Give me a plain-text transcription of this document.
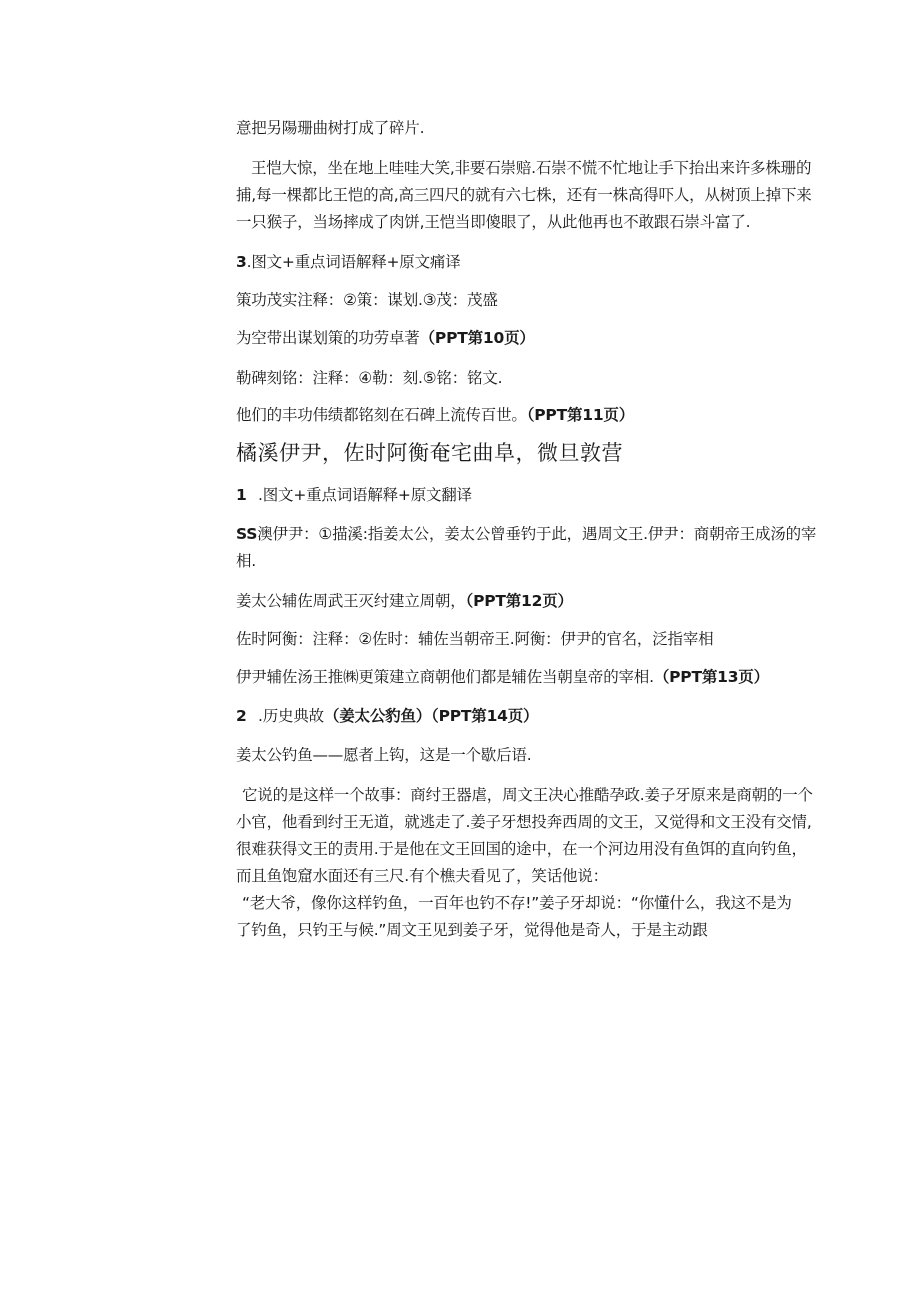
意把另陽珊曲树打成了碎片.

王恺大惊，坐在地上哇哇大笑,非要石崇赔.石崇不慌不忙地让手下抬出来许多株珊的

捕,每一棵都比王恺的高,高三四尺的就有六七株，还有一株高得吓人，从树顶上掉下来

一只猴子，当场摔成了肉饼,王恺当即傻眼了，从此他再也不敢跟石崇斗富了.

3.图文+重点词语解释+原文痛译

策功茂实注释：②策：谋划.③茂：茂盛

为空带出谋划策的功劳卓著（PPT第10页）

勒碑刻铭：注释：④勒：刻.⑤铭：铭文.

他们的丰功伟绩都铭刻在石碑上流传百世。（PPT第11页）

橘溪伊尹，佐时阿衡奄宅曲阜，微旦敦营

1 .图文+重点词语解释+原文翻译

SS澳伊尹：①描溪:指姜太公，姜太公曾垂钓于此，遇周文王.伊尹：商朝帝王成汤的宰

相.

姜太公辅佐周武王灭纣建立周朝，（PPT第12页）

佐时阿衡：注释：②佐时：辅佐当朝帝王.阿衡：伊尹的官名，泛指宰相

伊尹辅佐汤王推㈱更策建立商朝他们都是辅佐当朝皇帝的宰相.（PPT第13页）

2 .历史典故（姜太公豹鱼）（PPT第14页）

姜太公钓鱼——愿者上钩，这是一个歇后语.

它说的是这样一个故事：商纣王器虐，周文王决心推酷孕政.姜子牙原来是商朝的一个

小官，他看到纣王无道，就逃走了.姜子牙想投奔西周的文王，又觉得和文王没有交情,

很难获得文王的责用.于是他在文王回国的途中，在一个河边用没有鱼饵的直向钓鱼，

而且鱼饱窟水面还有三尺.有个樵夫看见了，笑话他说：

“老大爷，像你这样钓鱼，一百年也钓不存!”姜子牙却说：“你懂什么，我这不是为

了钓鱼，只钓王与候.”周文王见到姜子牙，觉得他是奇人，于是主动跟
